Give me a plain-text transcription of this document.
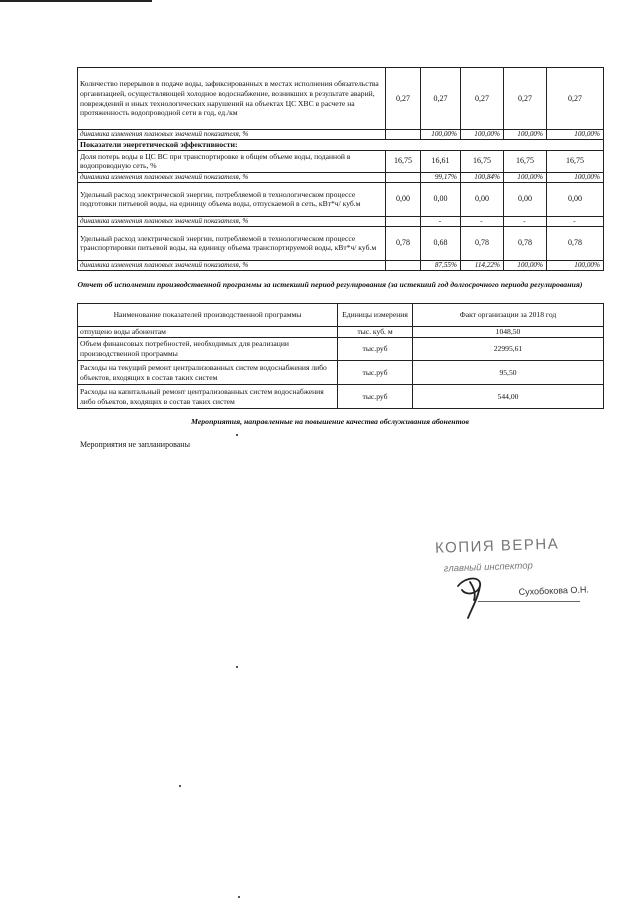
Количество перерывов в подаче воды, зафиксированных в местах исполнения обязательства организацией, осуществляющей холодное водоснабжение, возникших в результате аварий, повреждений и иных технологических нарушений на объектах ЦС ХВС в расчете на протяженность водопроводной сети в год, ед./км	0,27	0,27	0,27	0,27	0,27
динамика изменения плановых значений показателя, %		100,00%	100,00%	100,00%	100,00%
Показатели энергетической эффективности:					
Доля потерь воды в ЦС ВС при транспортировке в общем объеме воды, поданной в водопроводную сеть, %	16,75	16,61	16,75	16,75	16,75
динамика изменения плановых значений показателя, %		99,17%	100,84%	100,00%	100,00%
Удельный расход электрической энергии, потребляемой в технологическом процессе подготовки питьевой воды, на единицу объема воды, отпускаемой в сеть, кВт*ч/ куб.м	0,00	0,00	0,00	0,00	0,00
динамика изменения плановых значений показателя, %		-	-	-	-
Удельный расход электрической энергии, потребляемой в технологическом процессе транспортировки питьевой воды, на единицу объема транспортируемой воды, кВт*ч/ куб.м	0,78	0,68	0,78	0,78	0,78
динамика изменения плановых значений показателя, %		87,55%	114,22%	100,00%	100,00%
Отчет об исполнении производственной программы за истекший период регулирования (за истекший год долгосрочного периода регулирования)
Наименование показателей производственной программы	Единицы измерения	Факт организации за 2018 год
отпущено воды абонентам	тыс. куб. м	1048,50
Объем финансовых потребностей, необходимых для реализации производственной программы	тыс.руб	22995,61
Расходы на текущий ремонт централизованных систем водоснабжения либо объектов, входящих в состав таких систем	тыс.руб	95,50
Расходы на капитальный ремонт централизованных систем водоснабжения либо объектов, входящих в состав таких систем	тыс.руб	544,00
Мероприятия, направленные на повышение качества обслуживания абонентов
Мероприятия не запланированы
КОПИЯ ВЕРНА
главный инспектор
Сухобокова О.Н.
